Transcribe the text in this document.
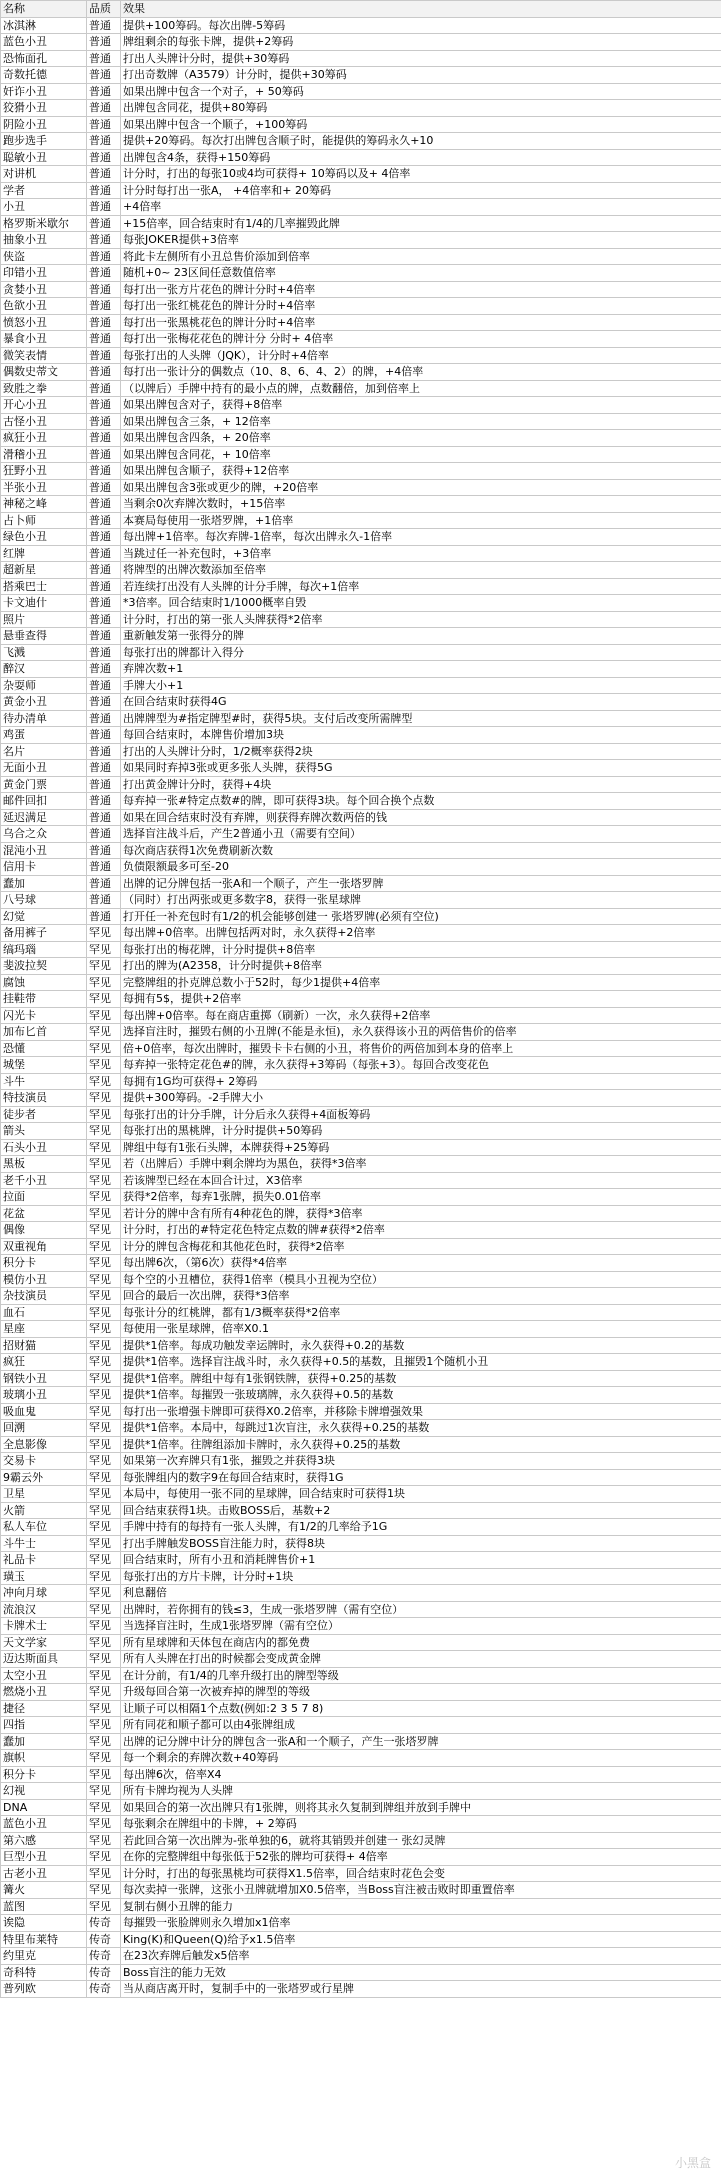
名称	品质	效果
冰淇淋	普通	提供+100筹码。每次出牌-5筹码
蓝色小丑	普通	牌组剩余的每张卡牌，提供+2筹码
恐怖面孔	普通	打出人头牌计分时，提供+30筹码
奇数托德	普通	打出奇数牌（A3579）计分时，提供+30筹码
奸诈小丑	普通	如果出牌中包含一个对子，+ 50筹码
狡猾小丑	普通	出牌包含同花，提供+80筹码
阴险小丑	普通	如果出牌中包含一个顺子，+100筹码
跑步选手	普通	提供+20筹码。每次打出牌包含顺子时，能提供的筹码永久+10
聪敏小丑	普通	出牌包含4条，获得+150筹码
对讲机	普通	计分时，打出的每张10或4均可获得+ 10筹码以及+ 4倍率
学者	普通	计分时每打出一张A， +4倍率和+ 20筹码
小丑	普通	+4倍率
格罗斯米歇尔	普通	+15倍率，回合结束时有1/4的几率摧毁此牌
抽象小丑	普通	每张JOKER提供+3倍率
侠盗	普通	将此卡左侧所有小丑总售价添加到倍率
印错小丑	普通	随机+0~ 23区间任意数值倍率
贪婪小丑	普通	每打出一张方片花色的牌计分时+4倍率
色欲小丑	普通	每打出一张红桃花色的牌计分时+4倍率
愤怒小丑	普通	每打出一张黑桃花色的牌计分时+4倍率
暴食小丑	普通	每打出一张梅花花色的牌计分 分时+ 4倍率
微笑表情	普通	每张打出的人头牌（JQK），计分时+4倍率
偶数史蒂文	普通	每打出一张计分的偶数点（10、8、6、4、2）的牌，+4倍率
致胜之拳	普通	（以牌后）手牌中持有的最小点的牌，点数翻倍，加到倍率上
开心小丑	普通	如果出牌包含对子，获得+8倍率
古怪小丑	普通	如果出牌包含三条，+ 12倍率
疯狂小丑	普通	如果出牌包含四条，+ 20倍率
滑稽小丑	普通	如果出牌包含同花，+ 10倍率
狂野小丑	普通	如果出牌包含顺子，获得+12倍率
半张小丑	普通	如果出牌包含3张或更少的牌，+20倍率
神秘之峰	普通	当剩余0次弃牌次数时，+15倍率
占卜师	普通	本赛局每使用一张塔罗牌，+1倍率
绿色小丑	普通	每出牌+1倍率。每次弃牌-1倍率，每次出牌永久-1倍率
红牌	普通	当跳过任一补充包时，+3倍率
超新星	普通	将牌型的出牌次数添加至倍率
搭乘巴士	普通	若连续打出没有人头牌的计分手牌，每次+1倍率
卡文迪什	普通	*3倍率。回合结束时1/1000概率自毁
照片	普通	计分时，打出的第一张人头牌获得*2倍率
悬垂查得	普通	重新触发第一张得分的牌
飞溅	普通	每张打出的牌都计入得分
醉汉	普通	弃牌次数+1
杂耍师	普通	手牌大小+1
黄金小丑	普通	在回合结束时获得4G
待办清单	普通	出牌牌型为#指定牌型#时，获得5块。支付后改变所需牌型
鸡蛋	普通	每回合结束时，本牌售价增加3块
名片	普通	打出的人头牌计分时，1/2概率获得2块
无面小丑	普通	如果同时弃掉3张或更多张人头牌，获得5G
黄金门票	普通	打出黄金牌计分时，获得+4块
邮件回扣	普通	每弃掉一张#特定点数#的牌，即可获得3块。每个回合换个点数
延迟满足	普通	如果在回合结束时没有弃牌，则获得弃牌次数两倍的钱
乌合之众	普通	选择盲注战斗后，产生2普通小丑（需要有空间）
混沌小丑	普通	每次商店获得1次免费刷新次数
信用卡	普通	负债限额最多可至-20
蠢加	普通	出牌的记分牌包括一张A和一个顺子，产生一张塔罗牌
八号球	普通	（同时）打出两张或更多数字8，获得一张星球牌
幻觉	普通	打开任一补充包时有1/2的机会能够创建一 张塔罗牌(必须有空位)
备用裤子	罕见	每出牌+0倍率。出牌包括两对时，永久获得+2倍率
缟玛瑙	罕见	每张打出的梅花牌，计分时提供+8倍率
斐波拉契	罕见	打出的牌为(A2358，计分时提供+8倍率
腐蚀	罕见	完整牌组的扑克牌总数小于52时，每少1提供+4倍率
挂鞋带	罕见	每拥有5$，提供+2倍率
闪光卡	罕见	每出牌+0倍率。每在商店重掷（刷新）一次，永久获得+2倍率
加布匕首	罕见	选择盲注时，摧毁右侧的小丑牌(不能是永恒)，永久获得该小丑的两倍售价的倍率
恐懂	罕见	倍+0倍率，每次出牌时，摧毁卡卡右侧的小丑，将售价的两倍加到本身的倍率上
城堡	罕见	每弃掉一张特定花色#的牌，永久获得+3筹码（每张+3）。每回合改变花色
斗牛	罕见	每拥有1G均可获得+ 2筹码
特技演员	罕见	提供+300筹码。-2手牌大小
徒步者	罕见	每张打出的计分手牌，计分后永久获得+4面板筹码
箭头	罕见	每张打出的黑桃牌，计分时提供+50筹码
石头小丑	罕见	牌组中每有1张石头牌，本牌获得+25筹码
黑板	罕见	若（出牌后）手牌中剩余牌均为黑色，获得*3倍率
老千小丑	罕见	若该牌型已经在本回合计过，X3倍率
拉面	罕见	获得*2倍率，每弃1张牌，损失0.01倍率
花盆	罕见	若计分的牌中含有所有4种花色的牌，获得*3倍率
偶像	罕见	计分时，打出的#特定花色特定点数的牌#获得*2倍率
双重视角	罕见	计分的牌包含梅花和其他花色时，获得*2倍率
积分卡	罕见	每出牌6次，（第6次）获得*4倍率
模仿小丑	罕见	每个空的小丑槽位，获得1倍率（模具小丑视为空位）
杂技演员	罕见	回合的最后一次出牌，获得*3倍率
血石	罕见	每张计分的红桃牌，都有1/3概率获得*2倍率
星座	罕见	每使用一张星球牌，倍率X0.1
招财猫	罕见	提供*1倍率。每成功触发幸运牌时，永久获得+0.2的基数
疯狂	罕见	提供*1倍率。选择盲注战斗时，永久获得+0.5的基数，且摧毁1个随机小丑
钢铁小丑	罕见	提供*1倍率。牌组中每有1张钢铁牌，获得+0.25的基数
玻璃小丑	罕见	提供*1倍率。每摧毁一张玻璃牌，永久获得+0.5的基数
吸血鬼	罕见	每打出一张增强卡牌即可获得X0.2倍率，并移除卡牌增强效果
回溯	罕见	提供*1倍率。本局中，每跳过1次盲注，永久获得+0.25的基数
全息影像	罕见	提供*1倍率。往牌组添加卡牌时，永久获得+0.25的基数
交易卡	罕见	如果第一次弃牌只有1张，摧毁之并获得3块
9霸云外	罕见	每张牌组内的数字9在每回合结束时，获得1G
卫星	罕见	本局中，每使用一张不同的星球牌，回合结束时可获得1块
火箭	罕见	回合结束获得1块。击败BOSS后，基数+2
私人车位	罕见	手牌中持有的每持有一张人头牌，有1/2的几率给予1G
斗牛士	罕见	打出手牌触发BOSS盲注能力时，获得8块
礼品卡	罕见	回合结束时，所有小丑和消耗牌售价+1
璜玉	罕见	每张打出的方片卡牌，计分时+1块
冲向月球	罕见	利息翻倍
流浪汉	罕见	出牌时，若你拥有的钱≤3，生成一张塔罗牌（需有空位）
卡牌术士	罕见	当选择盲注时，生成1张塔罗牌（需有空位）
天文学家	罕见	所有星球牌和天体包在商店内的都免费
迈达斯面具	罕见	所有人头牌在打出的时候都会变成黄金牌
太空小丑	罕见	在计分前，有1/4的几率升级打出的牌型等级
燃烧小丑	罕见	升级每回合第一次被弃掉的牌型的等级
捷径	罕见	让顺子可以相隔1个点数(例如:2 3 5 7 8)
四指	罕见	所有同花和顺子都可以由4张牌组成
蠢加	罕见	出牌的记分牌中计分的牌包含一张A和一个顺子，产生一张塔罗牌
旗帜	罕见	每一个剩余的弃牌次数+40筹码
积分卡	罕见	每出牌6次，倍率X4
幻视	罕见	所有卡牌均视为人头牌
DNA	罕见	如果回合的第一次出牌只有1张牌，则将其永久复制到牌组并放到手牌中
蓝色小丑	罕见	每张剩余在牌组中的卡牌，+ 2筹码
第六感	罕见	若此回合第一次出牌为-张单独的6，就将其销毁并创建一 张幻灵牌
巨型小丑	罕见	在你的完整牌组中每张低于52张的牌均可获得+ 4倍率
古老小丑	罕见	计分时，打出的每张黑桃均可获得X1.5倍率，回合结束时花色会变
篝火	罕见	每次卖掉一张牌，这张小丑牌就增加X0.5倍率，当Boss盲注被击败时即重置倍率
蓝图	罕见	复制右侧小丑牌的能力
诶隐	传奇	每摧毁一张脸牌则永久增加x1倍率
特里布莱特	传奇	King(K)和Queen(Q)给予x1.5倍率
约里克	传奇	在23次弃牌后触发x5倍率
奇科特	传奇	Boss盲注的能力无效
普列欧	传奇	当从商店离开时，复制手中的一张塔罗或行星牌
小黑盒
